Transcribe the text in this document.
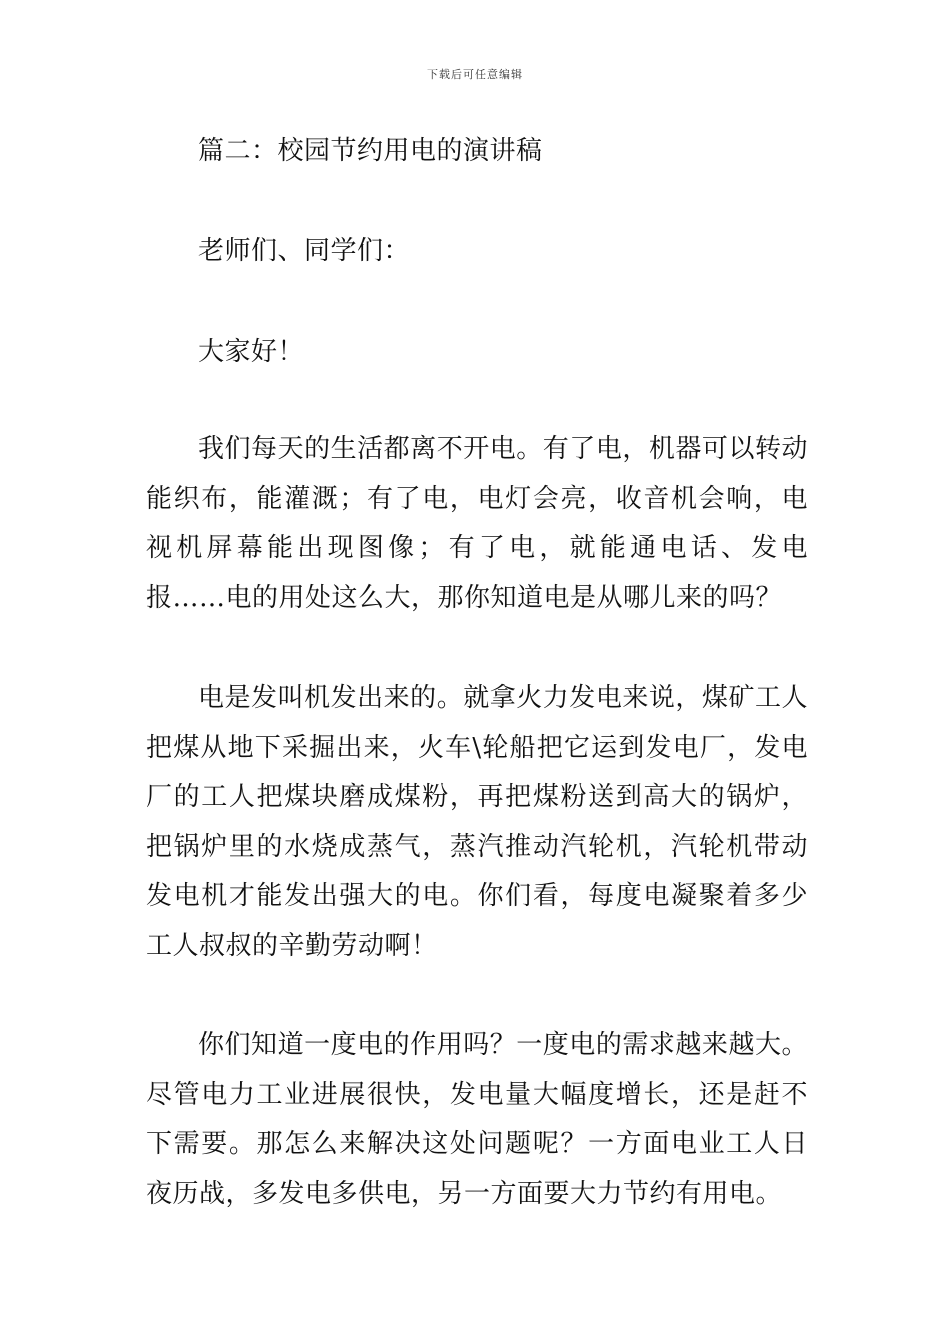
下载后可任意编辑

篇二：校园节约用电的演讲稿

老师们、同学们：

大家好！

我们每天的生活都离不开电。有了电，机器可以转动能织布，能灌溉；有了电，电灯会亮，收音机会响，电视机屏幕能出现图像；有了电，就能通电话、发电报……电的用处这么大，那你知道电是从哪儿来的吗？

电是发叫机发出来的。就拿火力发电来说，煤矿工人把煤从地下采掘出来，火车\轮船把它运到发电厂，发电厂的工人把煤块磨成煤粉，再把煤粉送到高大的锅炉，把锅炉里的水烧成蒸气，蒸汽推动汽轮机，汽轮机带动发电机才能发出强大的电。你们看，每度电凝聚着多少工人叔叔的辛勤劳动啊！

你们知道一度电的作用吗？一度电的需求越来越大。尽管电力工业进展很快，发电量大幅度增长，还是赶不下需要。那怎么来解决这处问题呢？一方面电业工人日夜历战，多发电多供电，另一方面要大力节约有用电。
